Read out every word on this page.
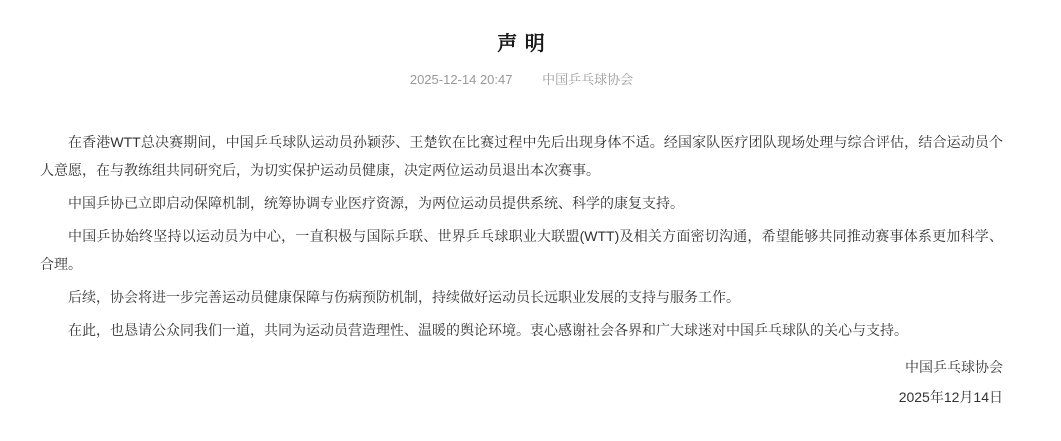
声 明
2025-12-14 20:47 中国乒乓球协会

在香港WTT总决赛期间，中国乒乓球队运动员孙颖莎、王楚钦在比赛过程中先后出现身体不适。经国家队医疗团队现场处理与综合评估，结合运动员个人意愿，在与教练组共同研究后，为切实保护运动员健康，决定两位运动员退出本次赛事。

中国乒协已立即启动保障机制，统筹协调专业医疗资源，为两位运动员提供系统、科学的康复支持。

中国乒协始终坚持以运动员为中心，一直积极与国际乒联、世界乒乓球职业大联盟(WTT)及相关方面密切沟通，希望能够共同推动赛事体系更加科学、合理。

后续，协会将进一步完善运动员健康保障与伤病预防机制，持续做好运动员长远职业发展的支持与服务工作。

在此，也恳请公众同我们一道，共同为运动员营造理性、温暖的舆论环境。衷心感谢社会各界和广大球迷对中国乒乓球队的关心与支持。

中国乒乓球协会
2025年12月14日
